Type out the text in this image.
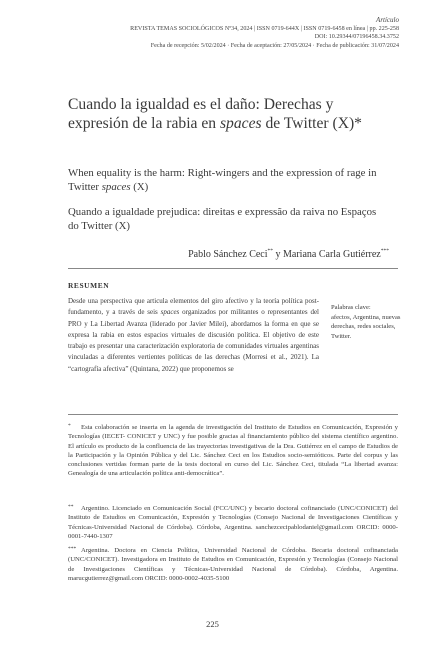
Artículo
REVISTA TEMAS SOCIOLÓGICOS Nº34, 2024 | ISSN 0719-644X | ISSN 0719-6458 en línea | pp. 225-258
DOI: 10.29344/07196458.34.3752
Fecha de recepción: 5/02/2024 · Fecha de aceptación: 27/05/2024 · Fecha de publicación: 31/07/2024
Cuando la igualdad es el daño: Derechas y expresión de la rabia en spaces de Twitter (X)*
When equality is the harm: Right-wingers and the expression of rage in Twitter spaces (X)
Quando a igualdade prejudica: direitas e expressão da raiva no Espaços do Twitter (X)
Pablo Sánchez Ceci** y Mariana Carla Gutiérrez***
RESUMEN
Desde una perspectiva que articula elementos del giro afectivo y la teoría política post-fundamento, y a través de seis spaces organizados por militantes o representantes del PRO y La Libertad Avanza (liderado por Javier Milei), abordamos la forma en que se expresa la rabia en estos espacios virtuales de discusión política. El objetivo de este trabajo es presentar una caracterización exploratoria de comunidades virtuales argentinas vinculadas a diferentes vertientes políticas de las derechas (Morresi et al., 2021). La “cartografía afectiva” (Quintana, 2022) que proponemos se
Palabras clave:
afectos, Argentina, nuevas derechas, redes sociales, Twitter.
* Esta colaboración se inserta en la agenda de investigación del Instituto de Estudios en Comunicación, Expresión y Tecnologías (IECET- CONICET y UNC) y fue posible gracias al financiamiento público del sistema científico argentino. El artículo es producto de la confluencia de las trayectorias investigativas de la Dra. Gutiérrez en el campo de Estudios de la Participación y la Opinión Pública y del Lic. Sánchez Ceci en los Estudios socio-semióticos. Parte del corpus y las conclusiones vertidas forman parte de la tesis doctoral en curso del Lic. Sánchez Ceci, titulada “La libertad avanza: Genealogía de una articulación política anti-democrática”.
** Argentino. Licenciado en Comunicación Social (FCC/UNC) y becario doctoral cofinanciado (UNC/CONICET) del Instituto de Estudios en Comunicación, Expresión y Tecnologías (Consejo Nacional de Investigaciones Científicas y Técnicas-Universidad Nacional de Córdoba). Córdoba, Argentina. sanchezcecipablodaniel@gmail.com ORCID: 0000-0001-7440-1307
*** Argentina. Doctora en Ciencia Política, Universidad Nacional de Córdoba. Becaria doctoral cofinanciada (UNC/CONICET). Investigadora en Instituto de Estudios en Comunicación, Expresión y Tecnologías (Consejo Nacional de Investigaciones Científicas y Técnicas-Universidad Nacional de Córdoba). Córdoba, Argentina. marucgutierrez@gmail.com ORCID: 0000-0002-4035-5100
225
